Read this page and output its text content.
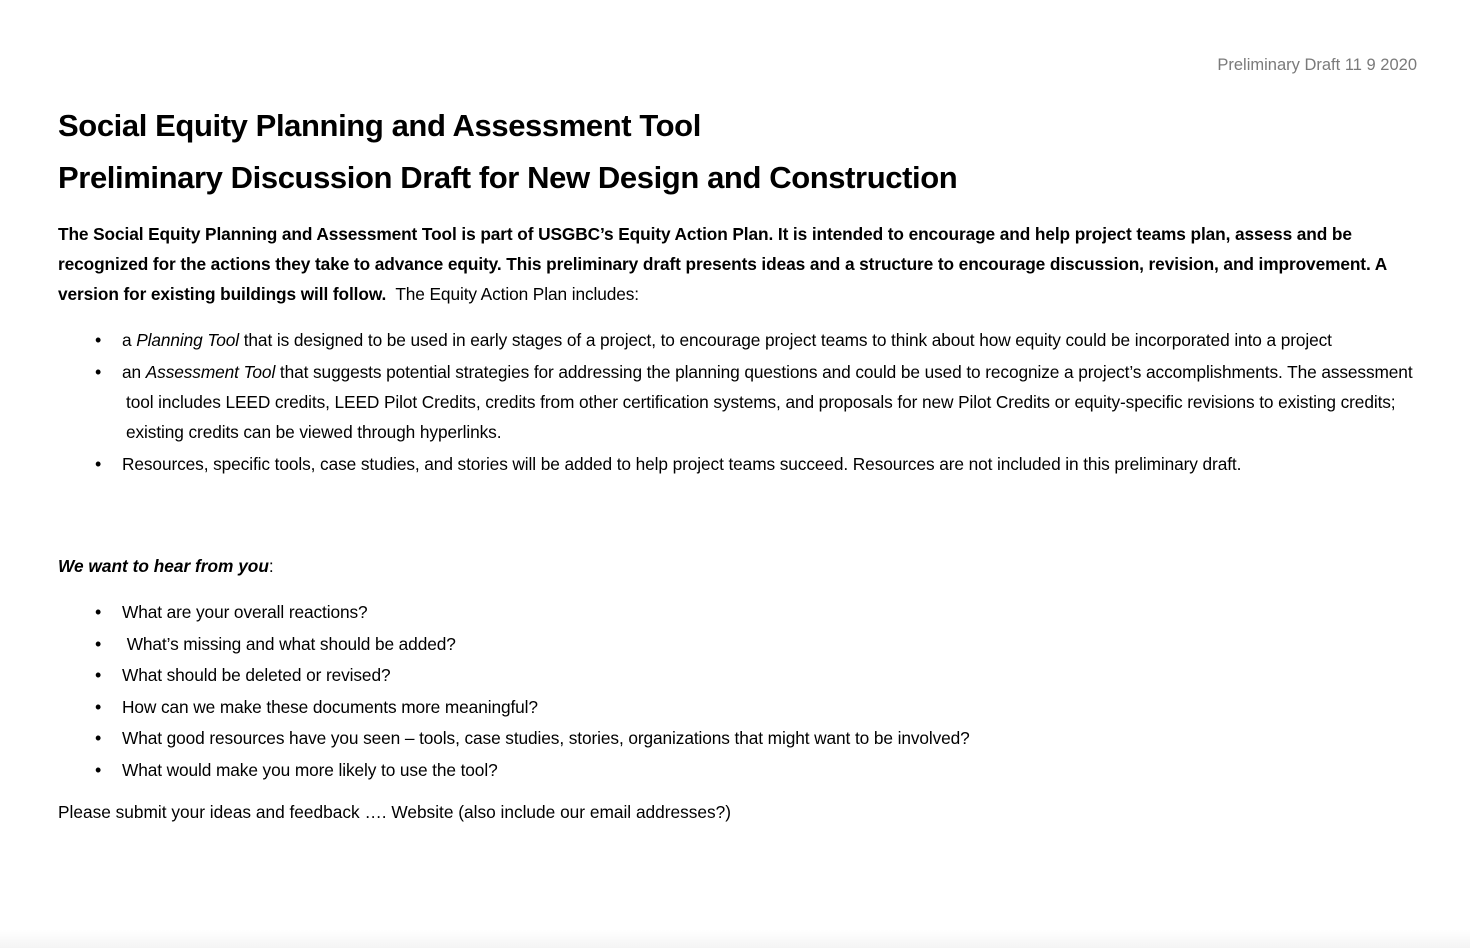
Preliminary Draft 11 9 2020
Social Equity Planning and Assessment Tool
Preliminary Discussion Draft for New Design and Construction
The Social Equity Planning and Assessment Tool is part of USGBC’s Equity Action Plan. It is intended to encourage and help project teams plan, assess and be recognized for the actions they take to advance equity. This preliminary draft presents ideas and a structure to encourage discussion, revision, and improvement. A version for existing buildings will follow.  The Equity Action Plan includes:
• a Planning Tool that is designed to be used in early stages of a project, to encourage project teams to think about how equity could be incorporated into a project
• an Assessment Tool that suggests potential strategies for addressing the planning questions and could be used to recognize a project’s accomplishments. The assessment tool includes LEED credits, LEED Pilot Credits, credits from other certification systems, and proposals for new Pilot Credits or equity-specific revisions to existing credits; existing credits can be viewed through hyperlinks.
• Resources, specific tools, case studies, and stories will be added to help project teams succeed. Resources are not included in this preliminary draft.
We want to hear from you:
• What are your overall reactions?
• What’s missing and what should be added?
• What should be deleted or revised?
• How can we make these documents more meaningful?
• What good resources have you seen – tools, case studies, stories, organizations that might want to be involved?
• What would make you more likely to use the tool?
Please submit your ideas and feedback …. Website (also include our email addresses?)
